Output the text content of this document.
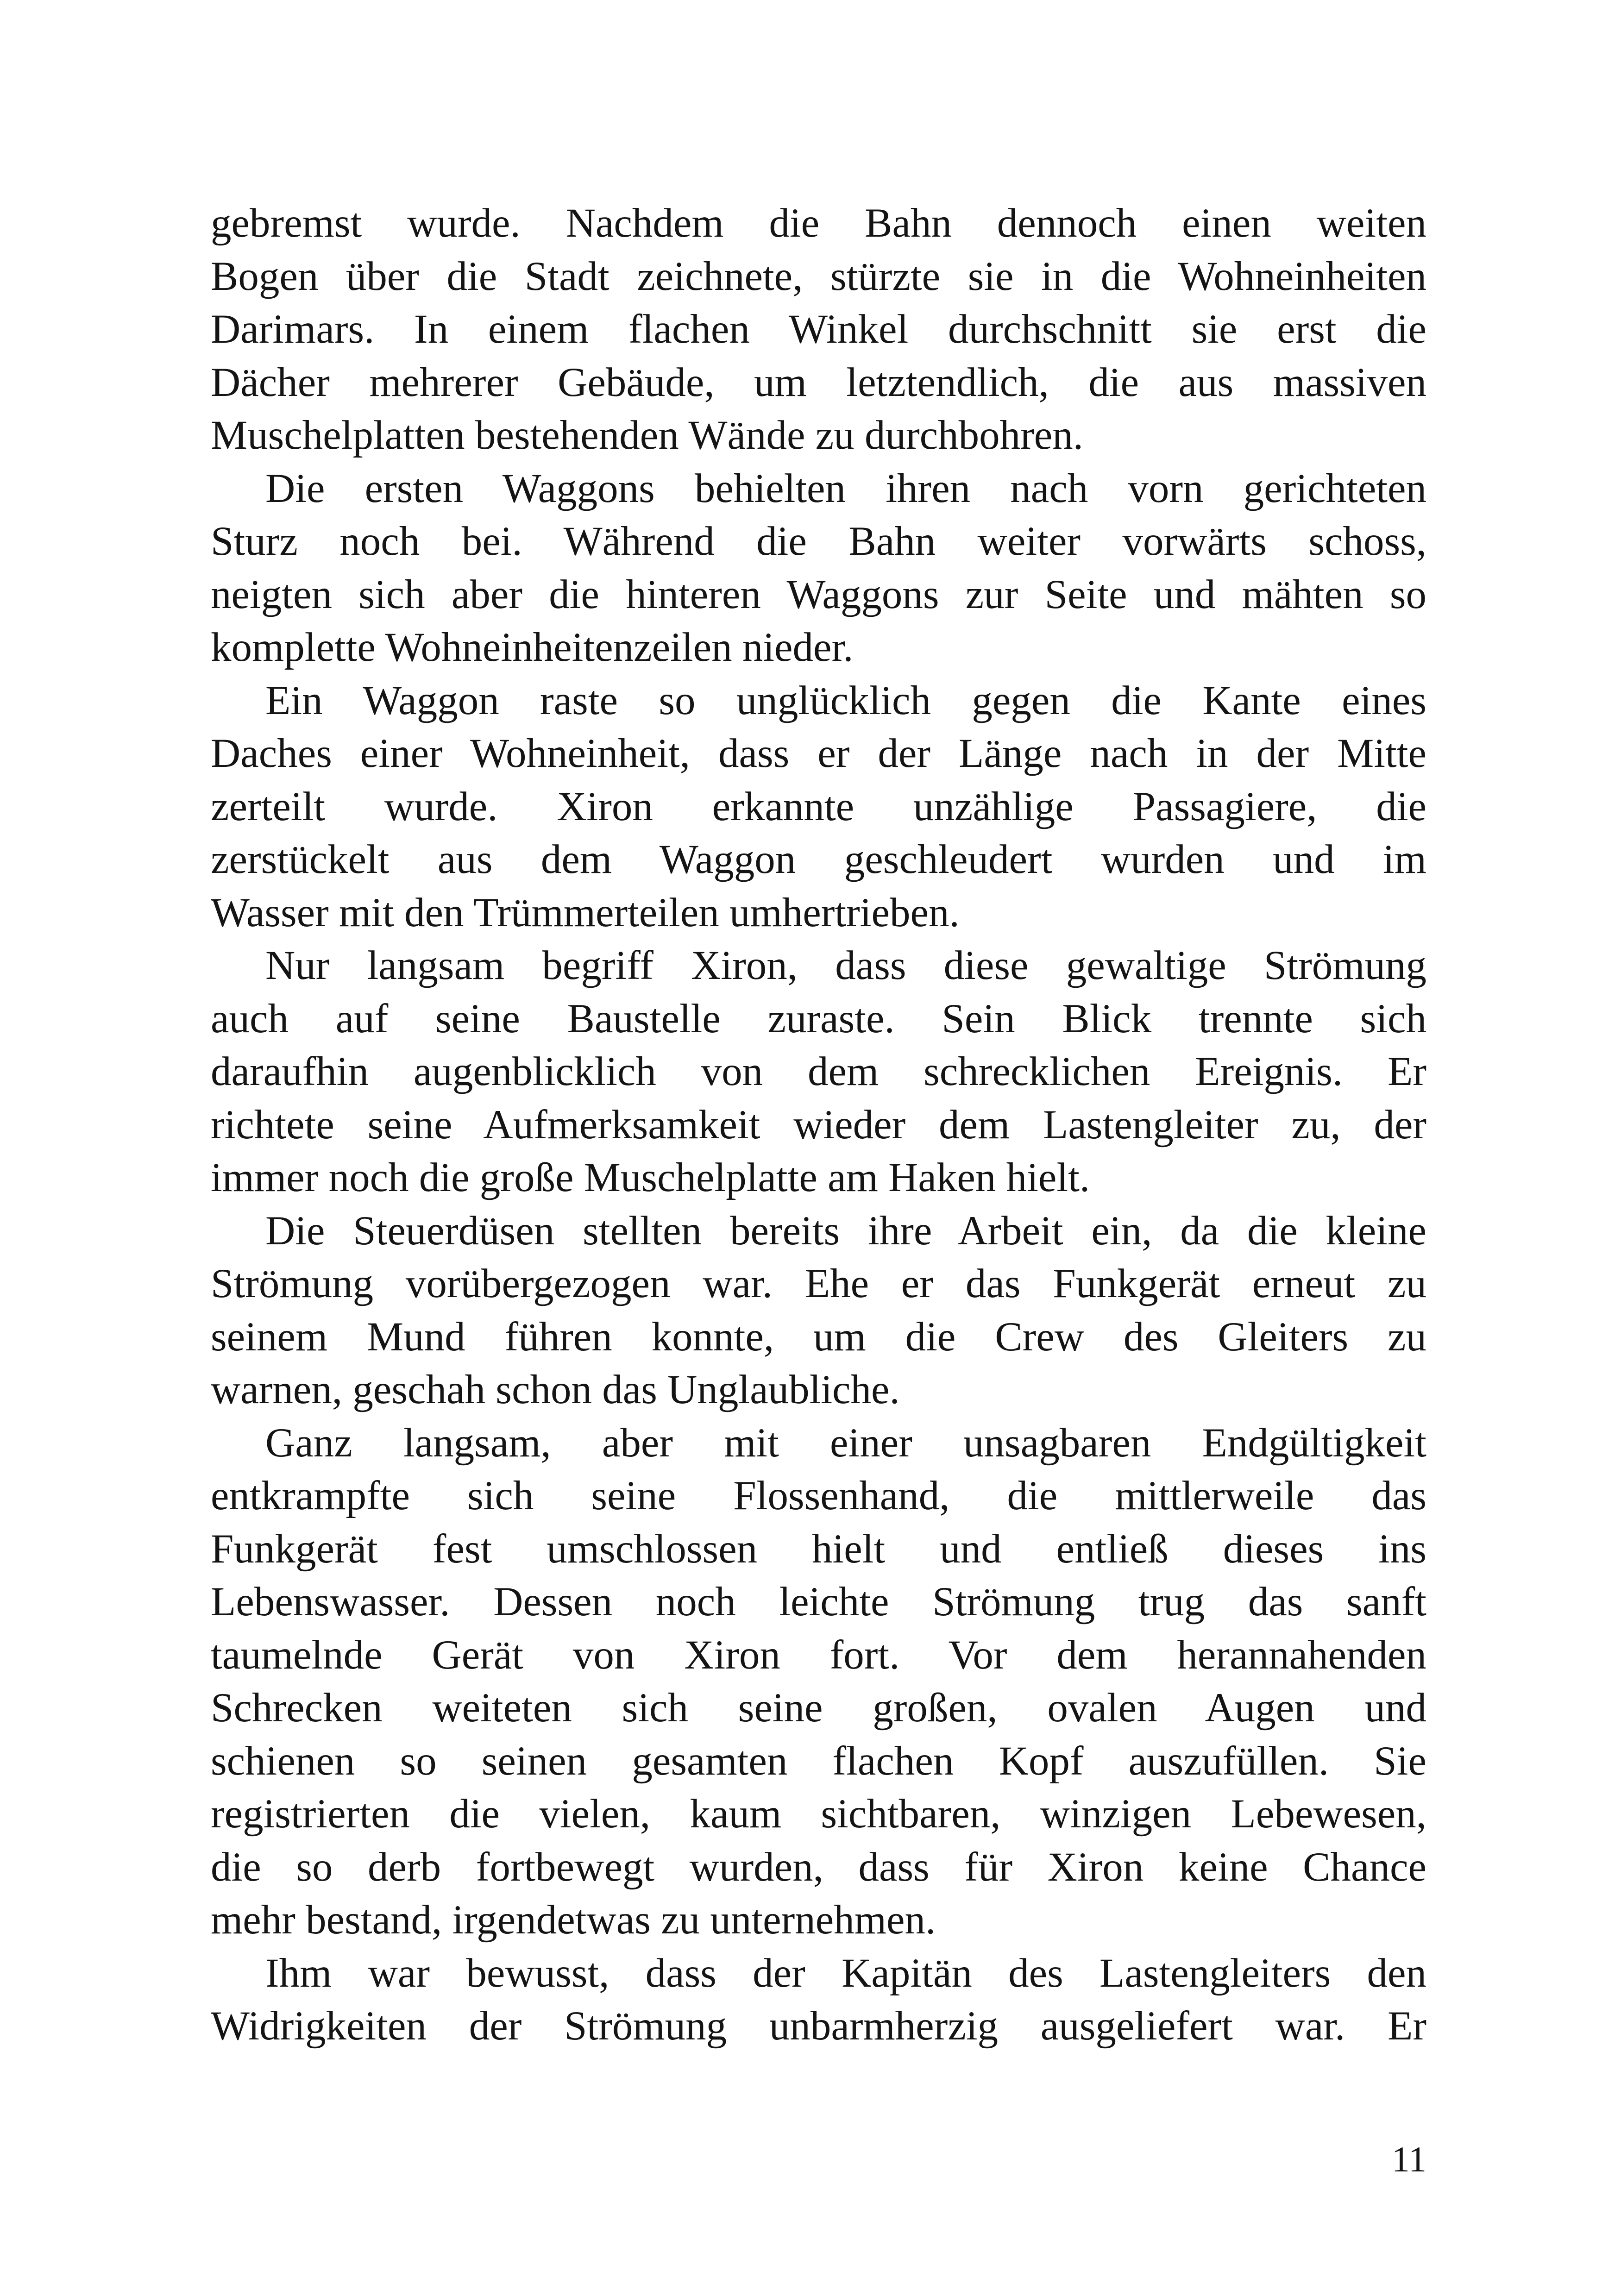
gebremst wurde. Nachdem die Bahn dennoch einen weiten
Bogen über die Stadt zeichnete, stürzte sie in die Wohneinheiten
Darimars. In einem flachen Winkel durchschnitt sie erst die
Dächer mehrerer Gebäude, um letztendlich, die aus massiven
Muschelplatten bestehenden Wände zu durchbohren.
Die ersten Waggons behielten ihren nach vorn gerichteten
Sturz noch bei. Während die Bahn weiter vorwärts schoss,
neigten sich aber die hinteren Waggons zur Seite und mähten so
komplette Wohneinheitenzeilen nieder.
Ein Waggon raste so unglücklich gegen die Kante eines
Daches einer Wohneinheit, dass er der Länge nach in der Mitte
zerteilt wurde. Xiron erkannte unzählige Passagiere, die
zerstückelt aus dem Waggon geschleudert wurden und im
Wasser mit den Trümmerteilen umhertrieben.
Nur langsam begriff Xiron, dass diese gewaltige Strömung
auch auf seine Baustelle zuraste. Sein Blick trennte sich
daraufhin augenblicklich von dem schrecklichen Ereignis. Er
richtete seine Aufmerksamkeit wieder dem Lastengleiter zu, der
immer noch die große Muschelplatte am Haken hielt.
Die Steuerdüsen stellten bereits ihre Arbeit ein, da die kleine
Strömung vorübergezogen war. Ehe er das Funkgerät erneut zu
seinem Mund führen konnte, um die Crew des Gleiters zu
warnen, geschah schon das Unglaubliche.
Ganz langsam, aber mit einer unsagbaren Endgültigkeit
entkrampfte sich seine Flossenhand, die mittlerweile das
Funkgerät fest umschlossen hielt und entließ dieses ins
Lebenswasser. Dessen noch leichte Strömung trug das sanft
taumelnde Gerät von Xiron fort. Vor dem herannahenden
Schrecken weiteten sich seine großen, ovalen Augen und
schienen so seinen gesamten flachen Kopf auszufüllen. Sie
registrierten die vielen, kaum sichtbaren, winzigen Lebewesen,
die so derb fortbewegt wurden, dass für Xiron keine Chance
mehr bestand, irgendetwas zu unternehmen.
Ihm war bewusst, dass der Kapitän des Lastengleiters den
Widrigkeiten der Strömung unbarmherzig ausgeliefert war. Er
11
